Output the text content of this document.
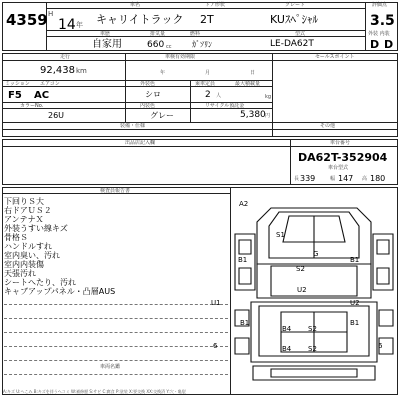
4359 H
14 年
車名	ドア形状	グレード	評価点
キャリイトラック 2T	KUｽﾍﾟｼｬﾙ	3.5
車歴	排気量	燃料	型式	外装 内装
自家用	660 cc	ｶﾞｿﾘﾝ	LE-DA62T	D D
走行	車検有効期限	セールスポイント
92,438 km	年	月	日
ミッション エアコン	外装色	乗車定員	最大積載量
F5 AC	シロ	2 人	kg
カラーNo.	内装色	リサイクル預託金
26U	グレー	5,380 円
装備・仕様	その他
出品店記入欄	車台番号
DA62T-352904
車台型式
長 339	幅 147 高 180
検査員報告書
下回りＳ大
右ドアＵＳ２
アンテナＸ
外装うすい線キズ
骨格Ｓ
ハンドルすれ
室内臭い、汚れ
室内内装傷
天張汚れ
シートへたり、汚れ
キャブアップパネル・凸層AUS
車両名鑑
A2
S1
G
B1
S2
B1
U2
U2
U1
B1
B4 S2
B1
B4 S2
6	6
A:キズ U:へこみ B:キズを伴うヘコミ W:補修歴 S:サビ C:腐食 P:塗装 X:要交換 XX:交換済 Y:穴・亀裂
